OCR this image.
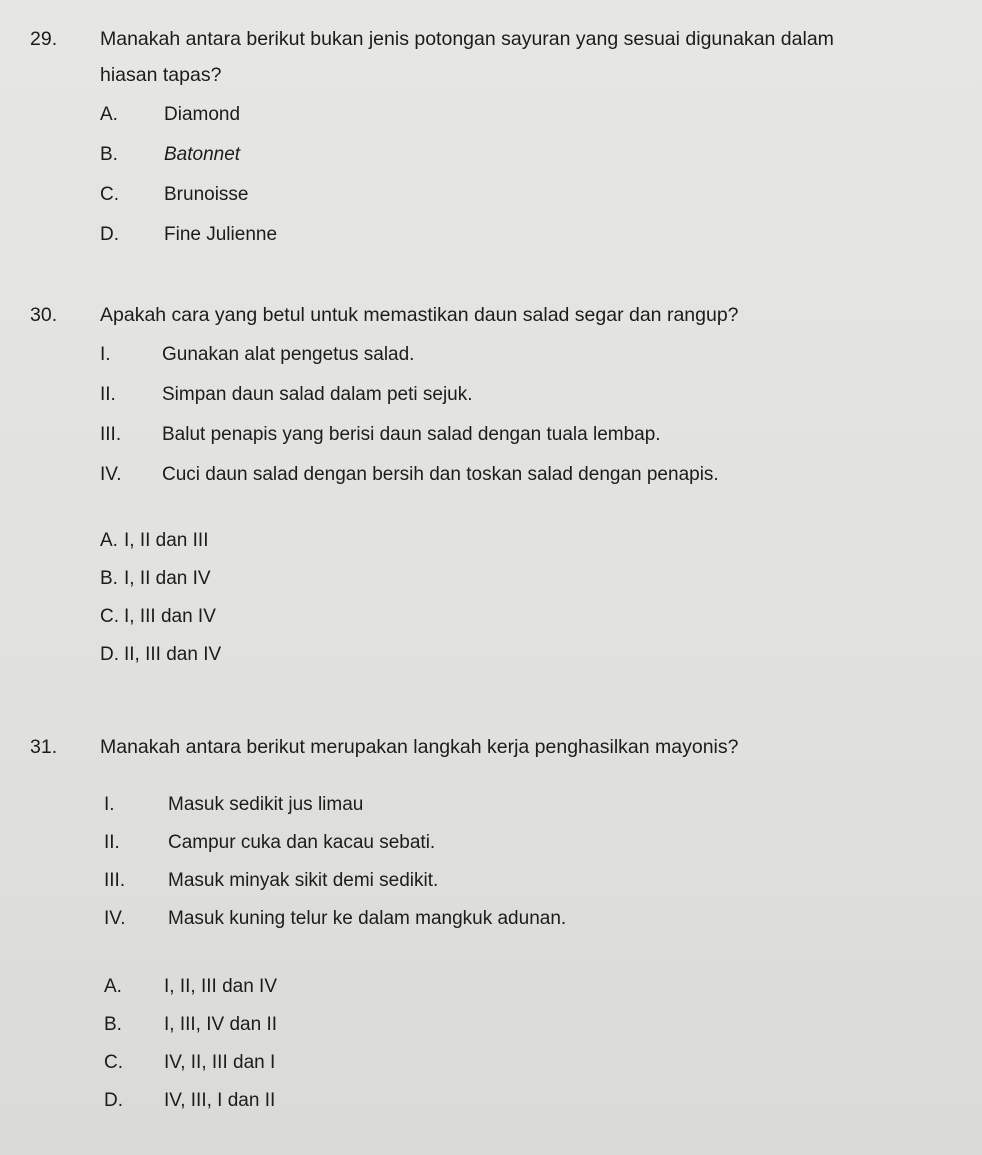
29. Manakah antara berikut bukan jenis potongan sayuran yang sesuai digunakan dalam
hiasan tapas?
A. Diamond
B. Batonnet
C. Brunoisse
D. Fine Julienne
30. Apakah cara yang betul untuk memastikan daun salad segar dan rangup?
I.	Gunakan alat pengetus salad.
II. Simpan daun salad dalam peti sejuk.
III. Balut penapis yang berisi daun salad dengan tuala lembap.
IV. Cuci daun salad dengan bersih dan toskan salad dengan penapis.
A. I, II dan III
B. I, II dan IV
C. I, III dan IV
D. II, III dan IV
31. Manakah antara berikut merupakan langkah kerja penghasilkan mayonis?
I.	Masuk sedikit jus limau
II.	Campur cuka dan kacau sebati.
III. Masuk minyak sikit demi sedikit.
IV. Masuk kuning telur ke dalam mangkuk adunan.
A. I, II, III dan IV
B. I, III, IV dan II
C. IV, II, III dan I
D. IV, III, I dan II
